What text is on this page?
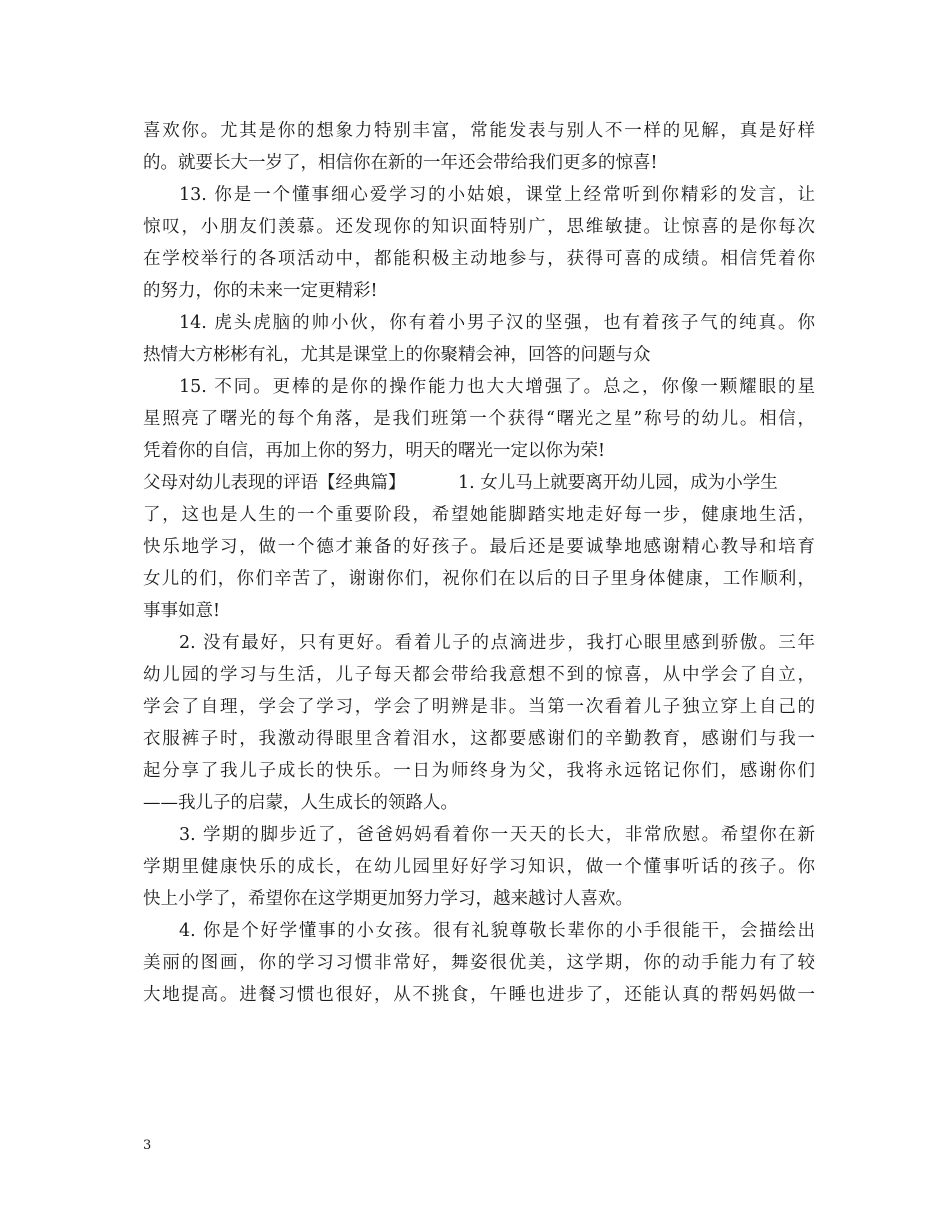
喜欢你。尤其是你的想象力特别丰富，常能发表与别人不一样的见解，真是好样
的。就要长大一岁了，相信你在新的一年还会带给我们更多的惊喜!
13. 你是一个懂事细心爱学习的小姑娘，课堂上经常听到你精彩的发言，让
惊叹，小朋友们羡慕。还发现你的知识面特别广，思维敏捷。让惊喜的是你每次
在学校举行的各项活动中，都能积极主动地参与，获得可喜的成绩。相信凭着你
的努力，你的未来一定更精彩!
14. 虎头虎脑的帅小伙，你有着小男子汉的坚强，也有着孩子气的纯真。你
热情大方彬彬有礼，尤其是课堂上的你聚精会神，回答的问题与众
15. 不同。更棒的是你的操作能力也大大增强了。总之，你像一颗耀眼的星
星照亮了曙光的每个角落，是我们班第一个获得“曙光之星”称号的幼儿。相信，
凭着你的自信，再加上你的努力，明天的曙光一定以你为荣!
父母对幼儿表现的评语【经典篇】	1. 女儿马上就要离开幼儿园，成为小学生
了，这也是人生的一个重要阶段，希望她能脚踏实地走好每一步，健康地生活，
快乐地学习，做一个德才兼备的好孩子。最后还是要诚挚地感谢精心教导和培育
女儿的们，你们辛苦了，谢谢你们，祝你们在以后的日子里身体健康，工作顺利，
事事如意!
2. 没有最好，只有更好。看着儿子的点滴进步，我打心眼里感到骄傲。三年
幼儿园的学习与生活，儿子每天都会带给我意想不到的惊喜，从中学会了自立，
学会了自理，学会了学习，学会了明辨是非。当第一次看着儿子独立穿上自己的
衣服裤子时，我激动得眼里含着泪水，这都要感谢们的辛勤教育，感谢们与我一
起分享了我儿子成长的快乐。一日为师终身为父，我将永远铭记你们，感谢你们
——我儿子的启蒙，人生成长的领路人。
3. 学期的脚步近了，爸爸妈妈看着你一天天的长大，非常欣慰。希望你在新
学期里健康快乐的成长，在幼儿园里好好学习知识，做一个懂事听话的孩子。你
快上小学了，希望你在这学期更加努力学习，越来越讨人喜欢。
4. 你是个好学懂事的小女孩。很有礼貌尊敬长辈你的小手很能干，会描绘出
美丽的图画，你的学习习惯非常好，舞姿很优美，这学期，你的动手能力有了较
大地提高。进餐习惯也很好，从不挑食，午睡也进步了，还能认真的帮妈妈做一
3
